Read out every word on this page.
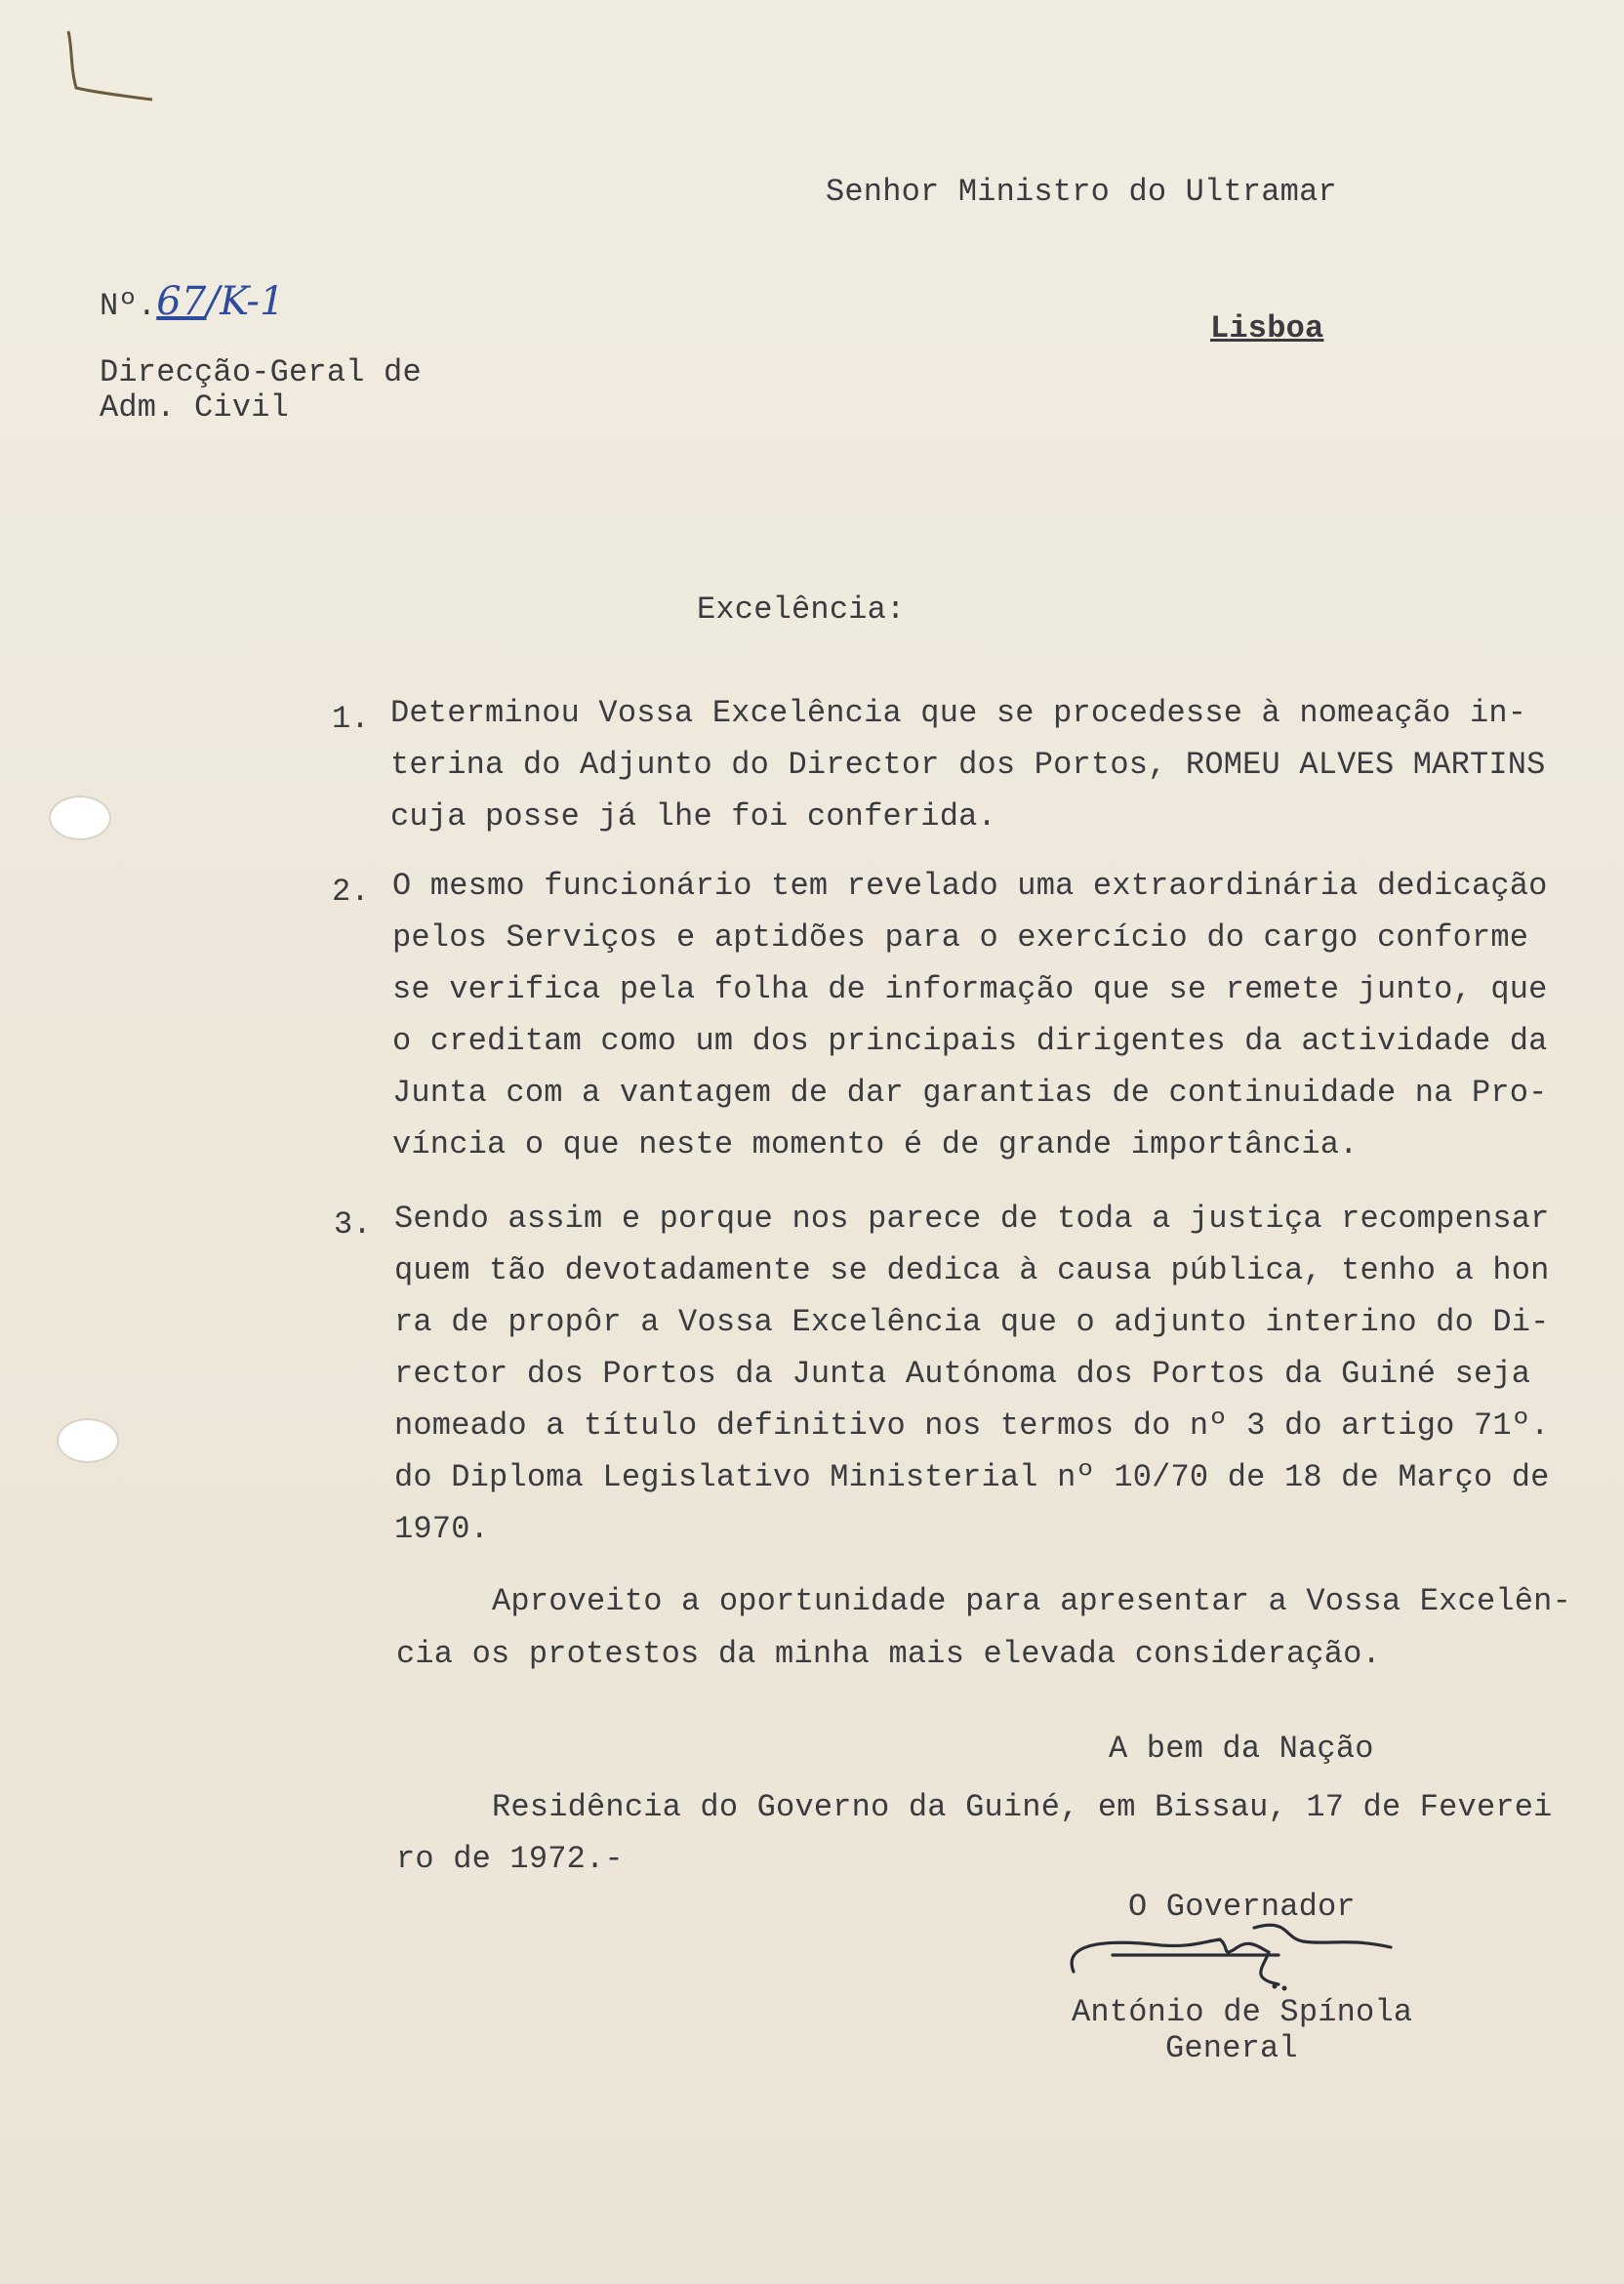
Senhor Ministro do Ultramar
Nº.67/K-1
Lisboa
Direcção-Geral de
Adm. Civil
Excelência:
1. Determinou Vossa Excelência que se procedesse à nomeação in-
terina do Adjunto do Director dos Portos, ROMEU ALVES MARTINS
cuja posse já lhe foi conferida.
2. O mesmo funcionário tem revelado uma extraordinária dedicação
pelos Serviços e aptidões para o exercício do cargo conforme
se verifica pela folha de informação que se remete junto, que
o creditam como um dos principais dirigentes da actividade da
Junta com a vantagem de dar garantias de continuidade na Pro-
víncia o que neste momento é de grande importância.
3. Sendo assim e porque nos parece de toda a justiça recompensar
quem tão devotadamente se dedica à causa pública, tenho a hon
ra de propôr a Vossa Excelência que o adjunto interino do Di-
rector dos Portos da Junta Autónoma dos Portos da Guiné seja
nomeado a título definitivo nos termos do nº 3 do artigo 71º.
do Diploma Legislativo Ministerial nº 10/70 de 18 de Março de
1970.
Aproveito a oportunidade para apresentar a Vossa Excelên-
cia os protestos da minha mais elevada consideração.
A bem da Nação
Residência do Governo da Guiné, em Bissau, 17 de Feverei
ro de 1972.-
O Governador
António de Spínola
General
